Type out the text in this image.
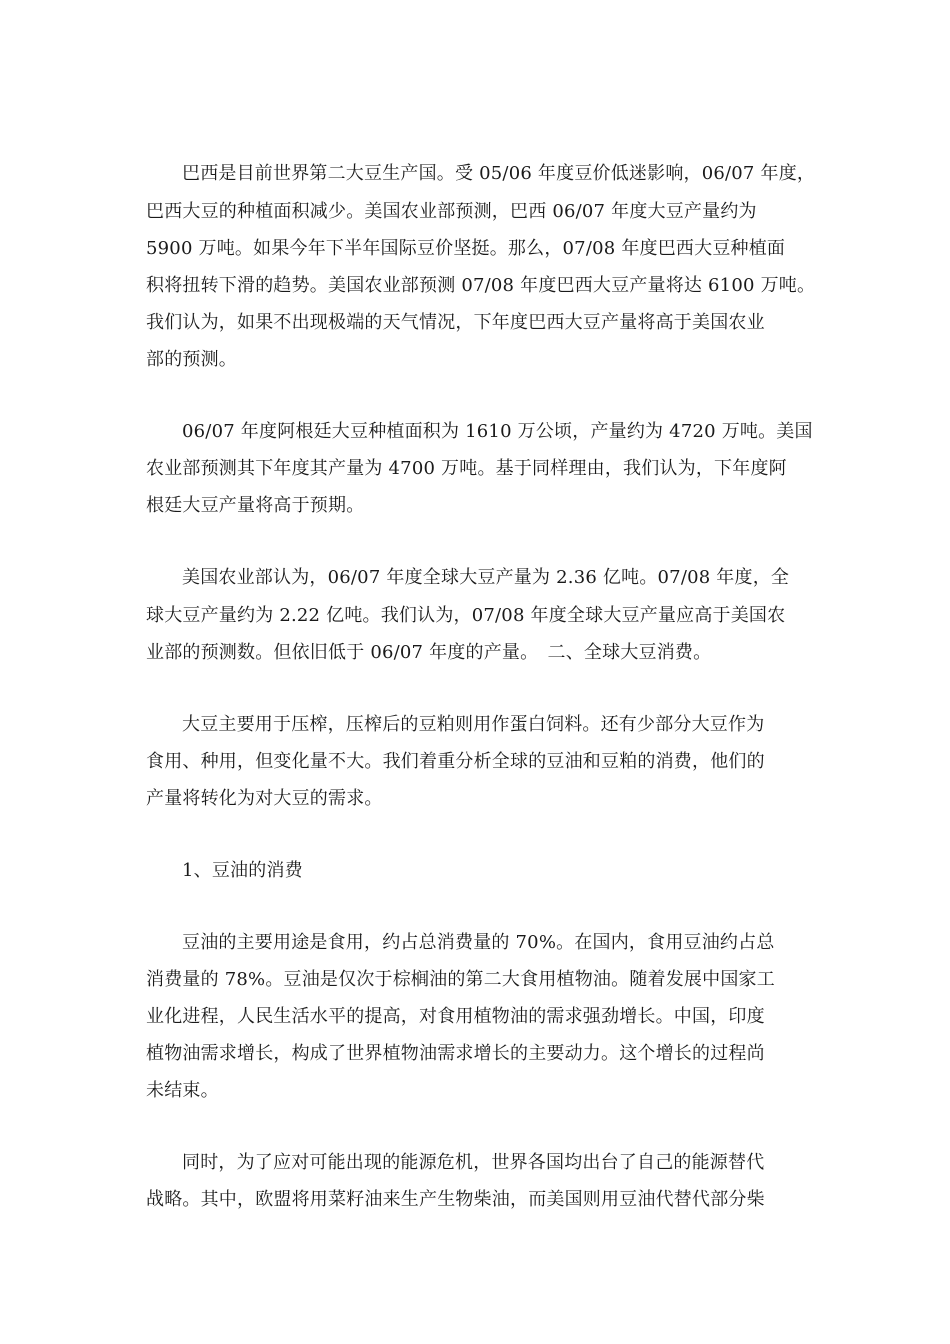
巴西是目前世界第二大豆生产国。受 05/06 年度豆价低迷影响，06/07 年度，
巴西大豆的种植面积减少。美国农业部预测，巴西 06/07 年度大豆产量约为
5900 万吨。如果今年下半年国际豆价坚挺。那么，07/08 年度巴西大豆种植面
积将扭转下滑的趋势。美国农业部预测 07/08 年度巴西大豆产量将达 6100 万吨。
我们认为，如果不出现极端的天气情况，下年度巴西大豆产量将高于美国农业
部的预测。
06/07 年度阿根廷大豆种植面积为 1610 万公顷，产量约为 4720 万吨。美国
农业部预测其下年度其产量为 4700 万吨。基于同样理由，我们认为，下年度阿
根廷大豆产量将高于预期。
美国农业部认为，06/07 年度全球大豆产量为 2.36 亿吨。07/08 年度，全
球大豆产量约为 2.22 亿吨。我们认为，07/08 年度全球大豆产量应高于美国农
业部的预测数。但依旧低于 06/07 年度的产量。　二、全球大豆消费。
大豆主要用于压榨，压榨后的豆粕则用作蛋白饲料。还有少部分大豆作为
食用、种用，但变化量不大。我们着重分析全球的豆油和豆粕的消费，他们的
产量将转化为对大豆的需求。
1、豆油的消费
豆油的主要用途是食用，约占总消费量的 70%。在国内，食用豆油约占总
消费量的 78%。豆油是仅次于棕榈油的第二大食用植物油。随着发展中国家工
业化进程，人民生活水平的提高，对食用植物油的需求强劲增长。中国，印度
植物油需求增长，构成了世界植物油需求增长的主要动力。这个增长的过程尚
未结束。
同时，为了应对可能出现的能源危机，世界各国均出台了自己的能源替代
战略。其中，欧盟将用菜籽油来生产生物柴油，而美国则用豆油代替代部分柴
